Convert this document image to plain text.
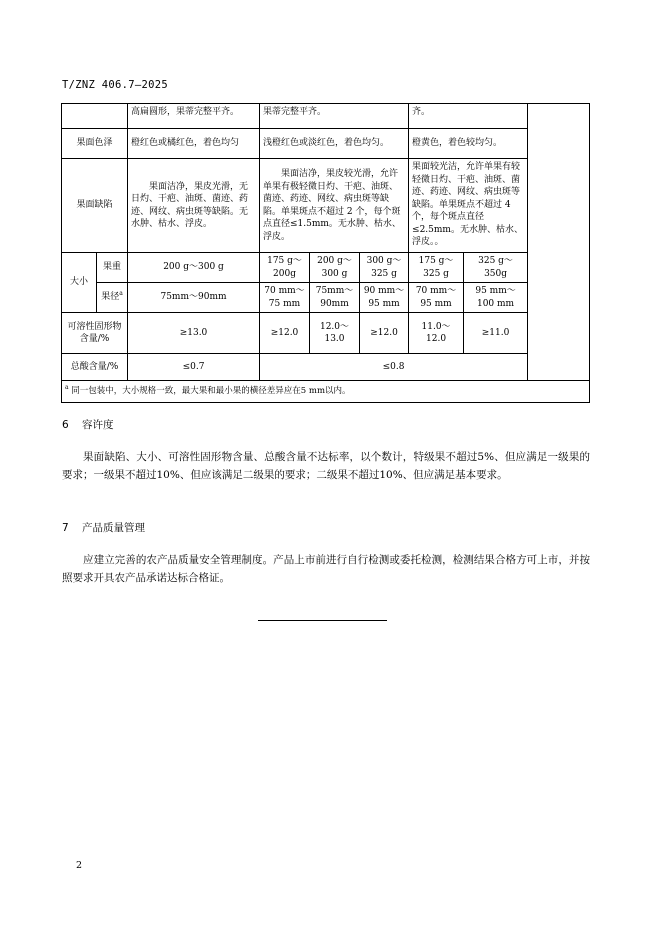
T/ZNZ 406.7—2025
		高扁圆形，果蒂完整平齐。	果蒂完整平齐。			齐。		
果面色泽		橙红色或橘红色，着色均匀	浅橙红色或淡红色，着色均匀。			橙黄色，着色较均匀。		
果面缺陷		果面洁净，果皮光滑，无日灼、干疤、油斑、菌迹、药迹、网纹、病虫斑等缺陷。无水肿、枯水、浮皮。	果面洁净，果皮较光滑，允许单果有极轻微日灼、干疤、油斑、菌迹、药迹、网纹、病虫斑等缺陷。单果斑点不超过 2 个，每个斑点直径≤1.5mm。无水肿、枯水、浮皮。			果面较光洁，允许单果有较轻微日灼、干疤、油斑、菌迹、药迹、网纹、病虫斑等缺陷。单果斑点不超过 4 个，每个斑点直径≤2.5mm。无水肿、枯水、浮皮。。		
大小	果重	200 g～300 g	175 g～200g	200 g～300 g	300 g～325 g	175 g～325 g	325 g～350g	
	果径$^a$	75mm～90mm	70 mm～75 mm	75mm～90mm	90 mm～95 mm	70 mm～95 mm	95 mm～100 mm	
可溶性固形物含量/%		≥13.0	≥12.0	12.0～13.0	≥12.0	11.0～12.0	≥11.0	
总酸含量/%		≤0.7	≤0.8					
$^a$ 同一包装中，大小规格一致，最大果和最小果的横径差异应在5 mm以内。								
6 容许度
果面缺陷、大小、可溶性固形物含量、总酸含量不达标率，以个数计，特级果不超过5%、但应满足一级果的要求；一级果不超过10%、但应该满足二级果的要求；二级果不超过10%、但应满足基本要求。
7 产品质量管理
应建立完善的农产品质量安全管理制度。产品上市前进行自行检测或委托检测，检测结果合格方可上市，并按照要求开具农产品承诺达标合格证。
2
